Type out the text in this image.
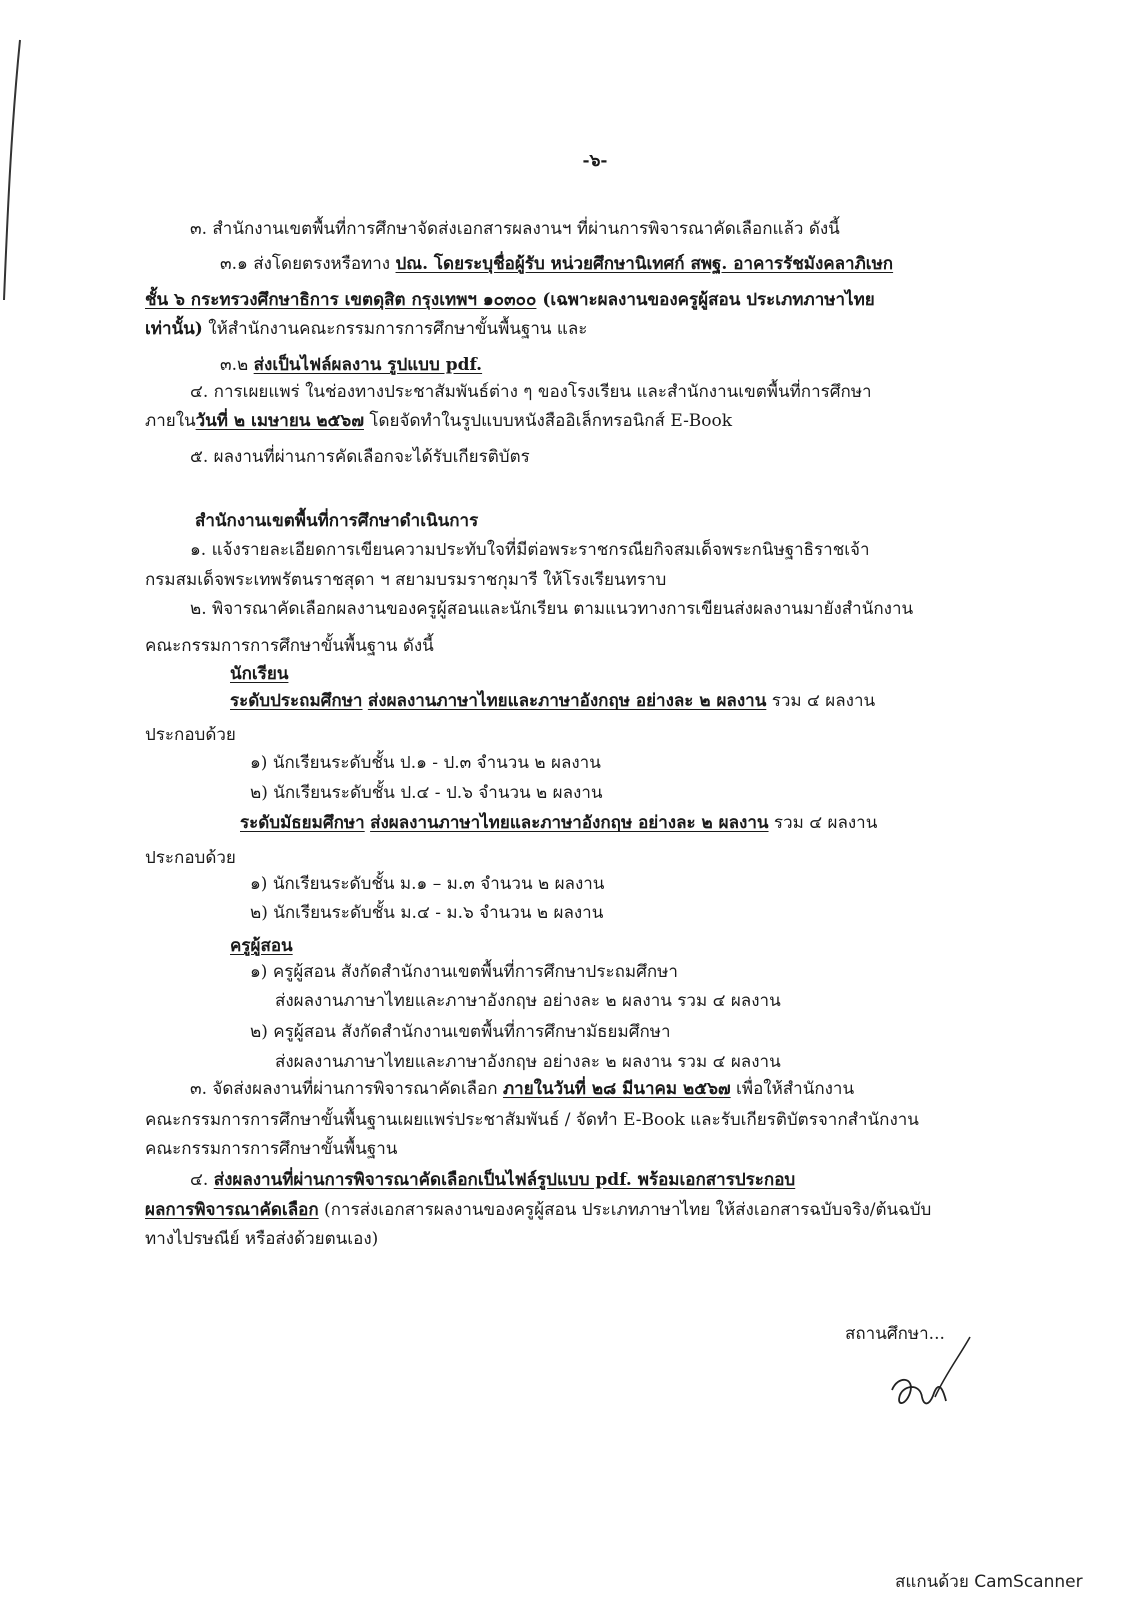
-๖-
๓. สำนักงานเขตพื้นที่การศึกษาจัดส่งเอกสารผลงานฯ ที่ผ่านการพิจารณาคัดเลือกแล้ว ดังนี้
๓.๑ ส่งโดยตรงหรือทาง ปณ. โดยระบุชื่อผู้รับ หน่วยศึกษานิเทศก์ สพฐ. อาคารรัชมังคลาภิเษก
ชั้น ๖ กระทรวงศึกษาธิการ เขตดุสิต กรุงเทพฯ ๑๐๓๐๐ (เฉพาะผลงานของครูผู้สอน ประเภทภาษาไทย
เท่านั้น) ให้สำนักงานคณะกรรมการการศึกษาขั้นพื้นฐาน และ
๓.๒ ส่งเป็นไฟล์ผลงาน รูปแบบ pdf.
๔. การเผยแพร่ ในช่องทางประชาสัมพันธ์ต่าง ๆ ของโรงเรียน และสำนักงานเขตพื้นที่การศึกษา
ภายในวันที่ ๒ เมษายน ๒๕๖๗ โดยจัดทำในรูปแบบหนังสืออิเล็กทรอนิกส์ E-Book
๕. ผลงานที่ผ่านการคัดเลือกจะได้รับเกียรติบัตร
สำนักงานเขตพื้นที่การศึกษาดำเนินการ
๑. แจ้งรายละเอียดการเขียนความประทับใจที่มีต่อพระราชกรณียกิจสมเด็จพระกนิษฐาธิราชเจ้า
กรมสมเด็จพระเทพรัตนราชสุดา ฯ สยามบรมราชกุมารี ให้โรงเรียนทราบ
๒. พิจารณาคัดเลือกผลงานของครูผู้สอนและนักเรียน ตามแนวทางการเขียนส่งผลงานมายังสำนักงาน
คณะกรรมการการศึกษาขั้นพื้นฐาน ดังนี้
นักเรียน
ระดับประถมศึกษา ส่งผลงานภาษาไทยและภาษาอังกฤษ อย่างละ ๒ ผลงาน รวม ๔ ผลงาน
ประกอบด้วย
๑) นักเรียนระดับชั้น ป.๑ - ป.๓ จำนวน ๒ ผลงาน
๒) นักเรียนระดับชั้น ป.๔ - ป.๖ จำนวน ๒ ผลงาน
ระดับมัธยมศึกษา ส่งผลงานภาษาไทยและภาษาอังกฤษ อย่างละ ๒ ผลงาน รวม ๔ ผลงาน
ประกอบด้วย
๑) นักเรียนระดับชั้น ม.๑ – ม.๓ จำนวน ๒ ผลงาน
๒) นักเรียนระดับชั้น ม.๔ - ม.๖ จำนวน ๒ ผลงาน
ครูผู้สอน
๑) ครูผู้สอน สังกัดสำนักงานเขตพื้นที่การศึกษาประถมศึกษา
ส่งผลงานภาษาไทยและภาษาอังกฤษ อย่างละ ๒ ผลงาน รวม ๔ ผลงาน
๒) ครูผู้สอน สังกัดสำนักงานเขตพื้นที่การศึกษามัธยมศึกษา
ส่งผลงานภาษาไทยและภาษาอังกฤษ อย่างละ ๒ ผลงาน รวม ๔ ผลงาน
๓. จัดส่งผลงานที่ผ่านการพิจารณาคัดเลือก ภายในวันที่ ๒๘ มีนาคม ๒๕๖๗ เพื่อให้สำนักงาน
คณะกรรมการการศึกษาขั้นพื้นฐานเผยแพร่ประชาสัมพันธ์ / จัดทำ E-Book และรับเกียรติบัตรจากสำนักงาน
คณะกรรมการการศึกษาขั้นพื้นฐาน
๔. ส่งผลงานที่ผ่านการพิจารณาคัดเลือกเป็นไฟล์รูปแบบ pdf. พร้อมเอกสารประกอบ
ผลการพิจารณาคัดเลือก (การส่งเอกสารผลงานของครูผู้สอน ประเภทภาษาไทย ให้ส่งเอกสารฉบับจริง/ต้นฉบับ
ทางไปรษณีย์ หรือส่งด้วยตนเอง)
สถานศึกษา...
สแกนด้วย CamScanner
